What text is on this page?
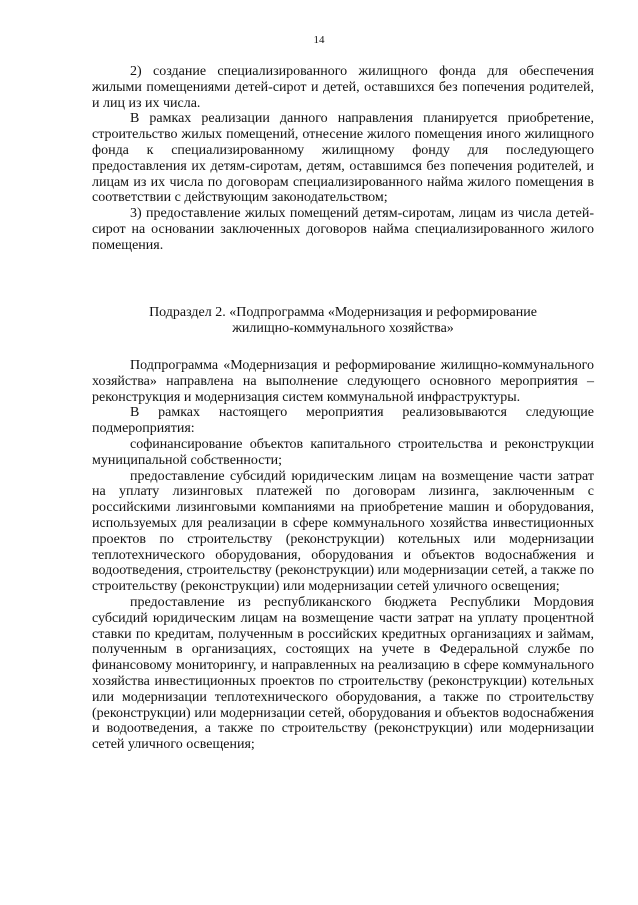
14

2) создание специализированного жилищного фонда для обеспечения жилыми помещениями детей-сирот и детей, оставшихся без попечения родителей, и лиц из их числа.

В рамках реализации данного направления планируется приобретение, строительство жилых помещений, отнесение жилого помещения иного жилищного фонда к специализированному жилищному фонду для последующего предоставления их детям-сиротам, детям, оставшимся без попечения родителей, и лицам из их числа по договорам специализированного найма жилого помещения в соответствии с действующим законодательством;

3) предоставление жилых помещений детям-сиротам, лицам из числа детей-сирот на основании заключенных договоров найма специализированного жилого помещения.

Подраздел 2. «Подпрограмма «Модернизация и реформирование
жилищно-коммунального хозяйства»

Подпрограмма «Модернизация и реформирование жилищно-коммунального хозяйства» направлена на выполнение следующего основного мероприятия – реконструкция и модернизация систем коммунальной инфраструктуры.

В рамках настоящего мероприятия реализовываются следующие подмероприятия:

софинансирование объектов капитального строительства и реконструкции муниципальной собственности;

предоставление субсидий юридическим лицам на возмещение части затрат на уплату лизинговых платежей по договорам лизинга, заключенным с российскими лизинговыми компаниями на приобретение машин и оборудования, используемых для реализации в сфере коммунального хозяйства инвестиционных проектов по строительству (реконструкции) котельных или модернизации теплотехнического оборудования, оборудования и объектов водоснабжения и водоотведения, строительству (реконструкции) или модернизации сетей, а также по строительству (реконструкции) или модернизации сетей уличного освещения;

предоставление из республиканского бюджета Республики Мордовия субсидий юридическим лицам на возмещение части затрат на уплату процентной ставки по кредитам, полученным в российских кредитных организациях и займам, полученным в организациях, состоящих на учете в Федеральной службе по финансовому мониторингу, и направленных на реализацию в сфере коммунального хозяйства инвестиционных проектов по строительству (реконструкции) котельных или модернизации теплотехнического оборудования, а также по строительству (реконструкции) или модернизации сетей, оборудования и объектов водоснабжения и водоотведения, а также по строительству (реконструкции) или модернизации сетей уличного освещения;
